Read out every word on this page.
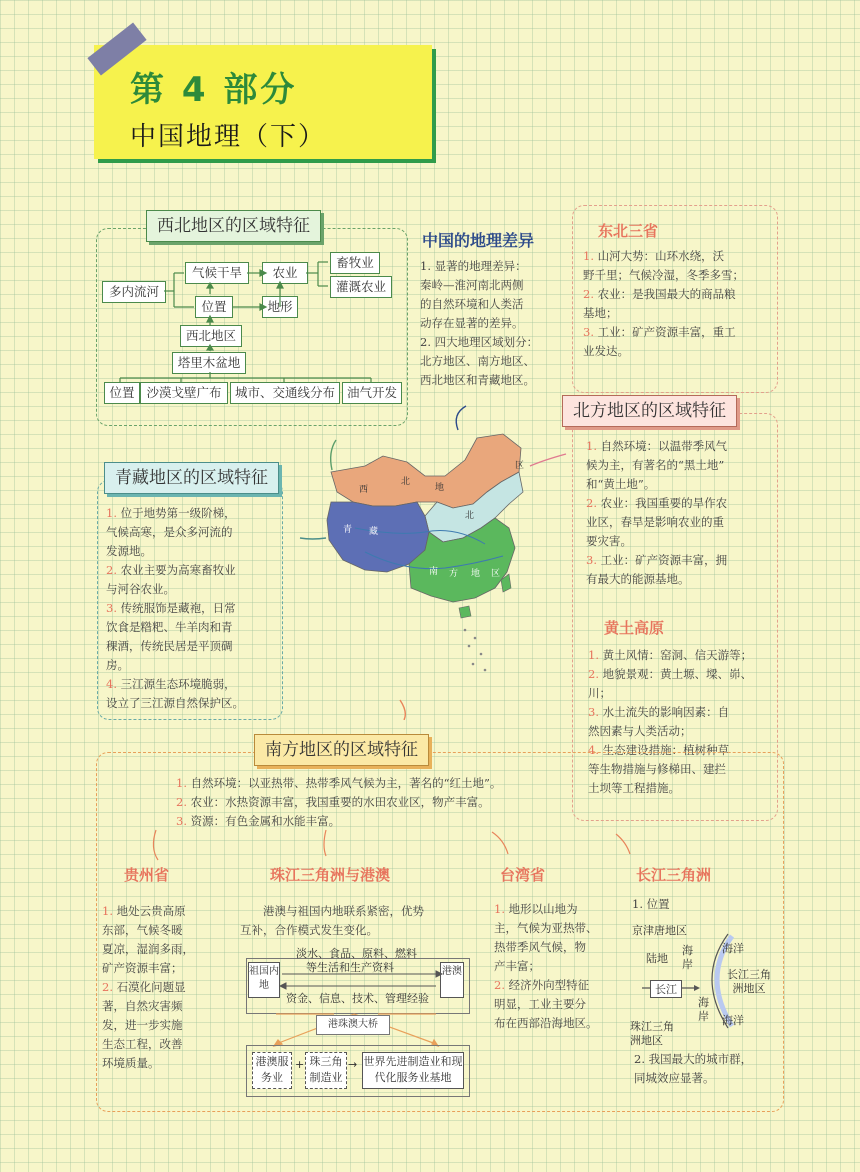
第 4 部分
中国地理（下）
西北地区的区域特征
多内流河
气候干旱	农业
畜牧业
灌溉农业
位置	地形
西北地区
塔里木盆地
位置 沙漠戈壁广布	城市、交通线分布 油气开发
中国的地理差异
1. 显著的地理差异：
秦岭—淮河南北两侧
的自然环境和人类活
动存在显著的差异。
2. 四大地理区域划分：
北方地区、南方地区、
西北地区和青藏地区。
东北三省
1. 山河大势：山环水绕，沃
野千里；气候冷湿，冬季多雪；
2. 农业：是我国最大的商品粮
基地；
3. 工业：矿产资源丰富，重工
业发达。
北方地区的区域特征
1. 自然环境：以温带季风气
候为主，有著名的“黑土地”
和“黄土地”。
2. 农业：我国重要的旱作农
业区，春旱是影响农业的重
要灾害。
3. 工业：矿产资源丰富，拥
有最大的能源基地。
黄土高原
1. 黄土风情：窑洞、信天游等；
2. 地貌景观：黄土塬、墚、峁、
川；
3. 水土流失的影响因素：自
然因素与人类活动；
4. 生态建设措施：植树种草
等生物措施与修梯田、建拦
土坝等工程措施。
青藏地区的区域特征
1. 位于地势第一级阶梯，
气候高寒，是众多河流的
发源地。
2. 农业主要为高寒畜牧业
与河谷农业。
3. 传统服饰是藏袍，日常
饮食是糌粑、牛羊肉和青
稞酒，传统民居是平顶碉
房。
4. 三江源生态环境脆弱，
设立了三江源自然保护区。
西
北
地
区
北
青 藏
南 方 地 区
南方地区的区域特征
1. 自然环境：以亚热带、热带季风气候为主，著名的“红土地”。
2. 农业：水热资源丰富，我国重要的水田农业区，物产丰富。
3. 资源：有色金属和水能丰富。
贵州省
1. 地处云贵高原
东部，气候冬暖
夏凉，湿润多雨，
矿产资源丰富；
2. 石漠化问题显
著，自然灾害频
发，进一步实施
生态工程，改善
环境质量。
珠江三角洲与港澳
港澳与祖国内地联系紧密，优势
互补，合作模式发生变化。
祖国内地
港澳
淡水、食品、原料、燃料
等生活和生产资料
资金、信息、技术、管理经验
港珠澳大桥
港澳服务业
+ 珠三角制造业
→ 世界先进制造业和现代化服务业基地
台湾省
1. 地形以山地为
主，气候为亚热带、
热带季风气候，物
产丰富；
2. 经济外向型特征
明显，工业主要分
布在西部沿海地区。
长江三角洲
1. 位置
京津唐地区
陆地
海岸
海洋
长江
长江三角洲地区
海岸 海洋
珠江三角洲地区
2. 我国最大的城市群，
同城效应显著。
